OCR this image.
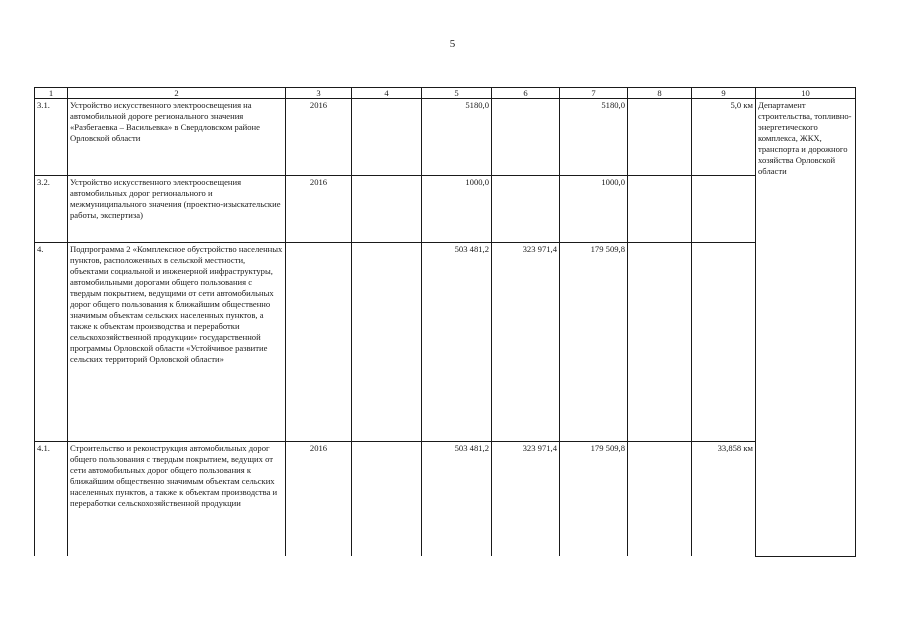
5
1	2	3	4	5	6	7	8	9	10
3.1.	Устройство искусственного электроосвещения на автомобильной дороге регионального значения «Разбегаевка – Васильевка» в Свердловском районе Орловской области	2016		5180,0		5180,0		5,0 км	Департамент строительства, топливно-энергетического комплекса, ЖКХ, транспорта и дорожного хозяйства Орловской области
3.2.	Устройство искусственного электроосвещения автомобильных дорог регионального и межмуниципального значения (проектно-изыскательские работы, экспертиза)	2016		1000,0		1000,0			
4.	Подпрограмма 2 «Комплексное обустройство населенных пунктов, расположенных в сельской местности, объектами социальной и инженерной инфраструктуры, автомобильными дорогами общего пользования с твердым покрытием, ведущими от сети автомобильных дорог общего пользования к ближайшим общественно значимым объектам сельских населенных пунктов, а также к объектам производства и переработки сельскохозяйственной продукции» государственной программы Орловской области «Устойчивое развитие сельских территорий Орловской области»			503 481,2	323 971,4	179 509,8			
4.1.	Строительство и реконструкция автомобильных дорог общего пользования с твердым покрытием, ведущих от сети автомобильных дорог общего пользования к ближайшим общественно значимым объектам сельских населенных пунктов, а также к объектам производства и переработки сельскохозяйственной продукции	2016		503 481,2	323 971,4	179 509,8		33,858 км	
